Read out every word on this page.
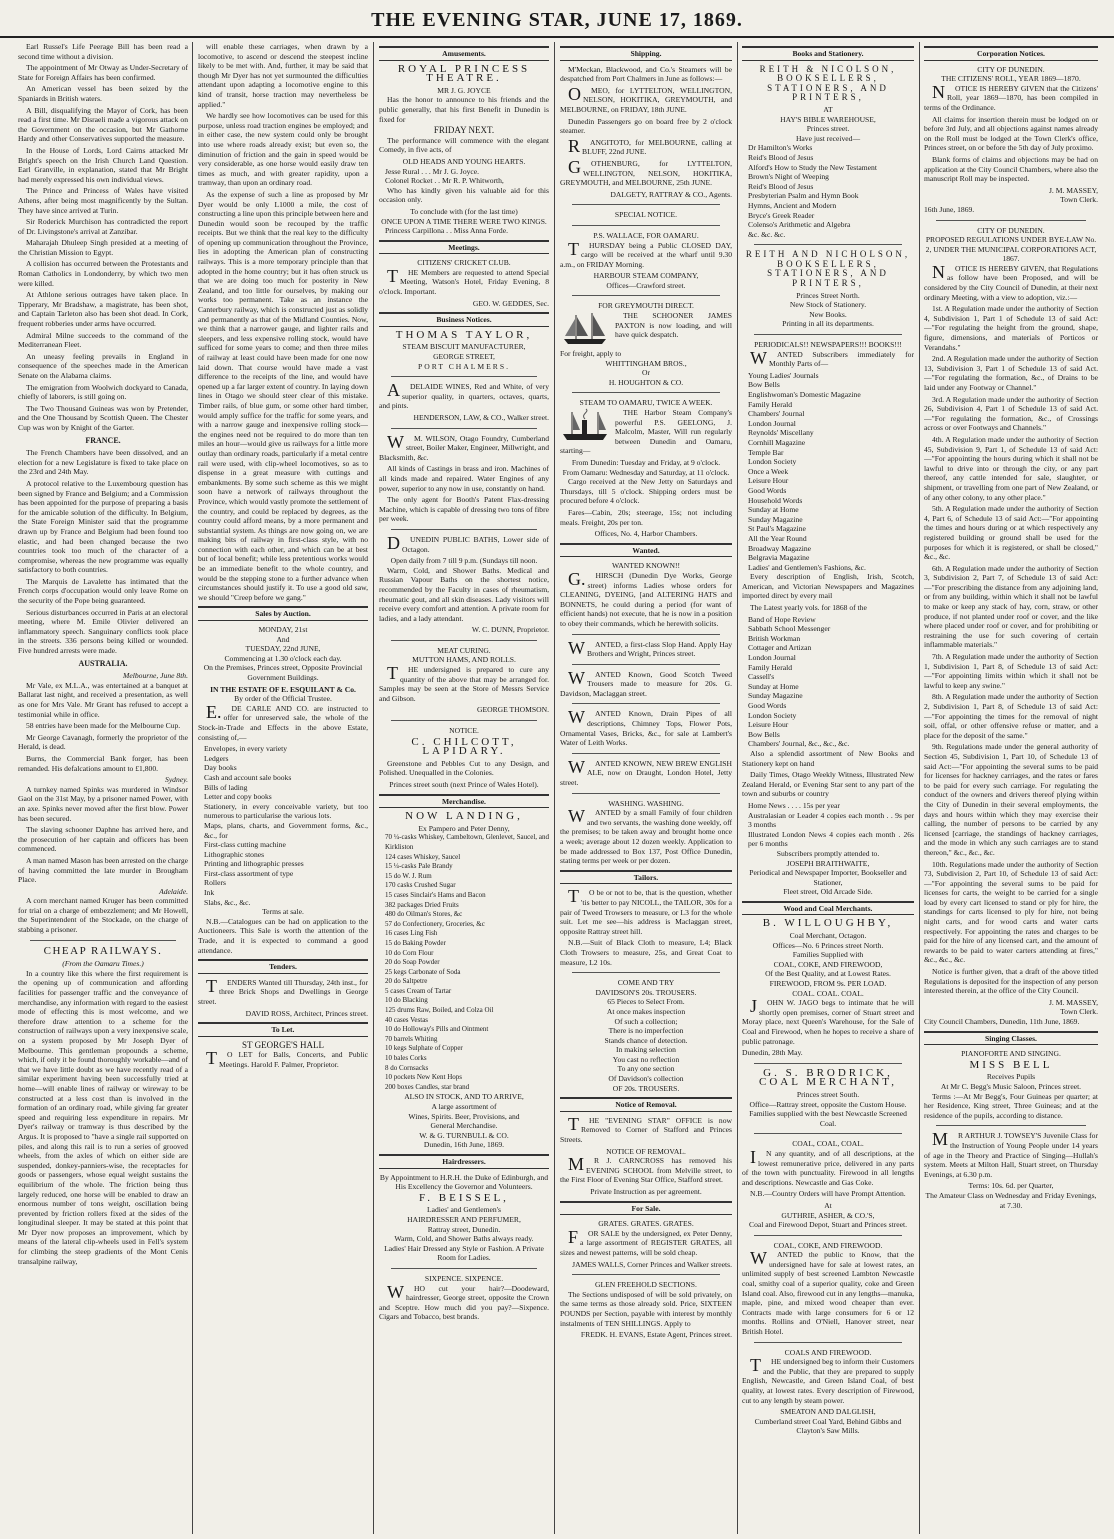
THE EVENING STAR, JUNE 17, 1869.

Earl Russel's Life Peerage Bill has been read a second time without a division.

The appointment of Mr Otway as Under-Secretary of State for Foreign Affairs has been confirmed.

An American vessel has been seized by the Spaniards in British waters.

A Bill, disqualifying the Mayor of Cork, has been read a first time. Mr Disraeli made a vigorous attack on the Government on the occasion, but Mr Gathorne Hardy and other Conservatives supported the measure.

In the House of Lords, Lord Cairns attacked Mr Bright's speech on the Irish Church Land Question. Earl Granville, in explanation, stated that Mr Bright had merely expressed his own individual views.

The Prince and Princess of Wales have visited Athens, after being most magnificently by the Sultan. They have since arrived at Turin.

Sir Roderick Murchison has contradicted the report of Dr. Livingstone's arrival at Zanzibar.

Maharajah Dhuleep Singh presided at a meeting of the Christian Mission to Egypt.

A collision has occurred between the Protestants and Roman Catholics in Londonderry, by which two men were killed.

At Athlone serious outrages have taken place. In Tipperary, Mr Bradshaw, a magistrate, has been shot, and Captain Tarleton also has been shot dead. In Cork, frequent robberies under arms have occurred.

Admiral Milne succeeds to the command of the Mediterranean Fleet.

An uneasy feeling prevails in England in consequence of the speeches made in the American Senate on the Alabama claims.

The emigration from Woolwich dockyard to Canada, chiefly of laborers, is still going on.

The Two Thousand Guineas was won by Pretender, and the One Thousand by Scottish Queen. The Chester Cup was won by Knight of the Garter.

FRANCE.

The French Chambers have been dissolved, and an election for a new Legislature is fixed to take place on the 23rd and 24th May.

A protocol relative to the Luxembourg question has been signed by France and Belgium; and a Commission has been appointed for the purpose of preparing a basis for the amicable solution of the difficulty. In Belgium, the State Foreign Minister said that the programme drawn up by France and Belgium had been found too elastic, and had been changed because the two countries took too much of the character of a compromise, whereas the new programme was equally satisfactory to both countries.

The Marquis de Lavalette has intimated that the French corps d'occupation would only leave Rome on the security of the Pope being guaranteed.

Serious disturbances occurred in Paris at an electoral meeting, where M. Emile Olivier delivered an inflammatory speech. Sanguinary conflicts took place in the streets. 336 persons being killed or wounded. Five hundred arrests were made.

AUSTRALIA.
Melbourne, June 8th.

Mr Vale, ex M.L.A., was entertained at a banquet at Ballarat last night, and received a presentation, as well as one for Mrs Vale. Mr Grant has refused to accept a testimonial while in office.

58 entries have been made for the Melbourne Cup.

Mr George Cavanagh, formerly the proprietor of the Herald, is dead.

Burns, the Commercial Bank forger, has been remanded. His defalcations amount to £1,800.

Sydney.

A turnkey named Spinks was murdered in Windsor Gaol on the 31st May, by a prisoner named Power, with an axe. Spinks never moved after the first blow. Power has been secured.

The slaving schooner Daphne has arrived here, and the prosecution of her captain and officers has been commenced.

A man named Mason has been arrested on the charge of having committed the late murder in Brougham Place.

Adelaide.

A corn merchant named Kruger has been committed for trial on a charge of embezzlement; and Mr Howell, the Superintendent of the Stockade, on the charge of stabbing a prisoner.

CHEAP RAILWAYS.
(From the Oamaru Times.)

In a country like this where the first requirement is the opening up of communication and affording facilities for passenger traffic and the conveyance of merchandise, any information with regard to the easiest mode of effecting this is most welcome, and we therefore draw attention to a scheme for the construction of railways upon a very inexpensive scale, on a system proposed by Mr Joseph Dyer of Melbourne. This gentleman propounds a scheme, which, if only it be found thoroughly workable—and of that we have little doubt as we have recently read of a similar experiment having been successfully tried at home—will enable lines of railway or wireway to be constructed at a less cost than is involved in the formation of an ordinary road, while giving far greater speed and requiring less expenditure in repairs. Mr Dyer's railway or tramway is thus described by the Argus. It is proposed to "have a single rail supported on piles, and along this rail is to run a series of grooved wheels, from the axles of which on either side are suspended, donkey-panniers-wise, the receptacles for goods or passengers, whose equal weight sustains the equilibrium of the whole. The friction being thus largely reduced, one horse will be enabled to draw an enormous number of tons weight, oscillation being prevented by friction rollers fixed at the sides of the longitudinal sleeper. It may be stated at this point that Mr Dyer now proposes an improvement, which by means of the lateral clip-wheels used in Fell's system for climbing the steep gradients of the Mont Cenis transalpine railway,

will enable these carriages, when drawn by a locomotive, to ascend or descend the steepest incline likely to be met with. And, further, it may be said that though Mr Dyer has not yet surmounted the difficulties attendant upon adapting a locomotive engine to this kind of transit, horse traction may nevertheless be applied."

We hardly see how locomotives can be used for this purpose, unless road traction engines be employed; and in either case, the new system could only be brought into use where roads already exist; but even so, the diminution of friction and the gain in speed would be very considerable, as one horse would easily draw ten times as much, and with greater rapidity, upon a tramway, than upon an ordinary road.

As the expense of such a line as proposed by Mr Dyer would be only L1000 a mile, the cost of constructing a line upon this principle between here and Dunedin would soon be recouped by the traffic receipts. But we think that the real key to the difficulty of opening up communication throughout the Province, lies in adopting the American plan of constructing railways. This is a more temporary principle than that adopted in the home country; but it has often struck us that we are doing too much for posterity in New Zealand, and too little for ourselves, by making our works too permanent. Take as an instance the Canterbury railway, which is constructed just as solidly and permanently as that of the Midland Counties. Now, we think that a narrower gauge, and lighter rails and sleepers, and less expensive rolling stock, would have sufficed for some years to come; and then three miles of railway at least could have been made for one now laid down. That course would have made a vast difference to the receipts of the line, and would have opened up a far larger extent of country. In laying down lines in Otago we should steer clear of this mistake. Timber rails, of blue gum, or some other hard timber, would amply suffice for the traffic for some years, and with a narrow gauge and inexpensive rolling stock—the engines need not be required to do more than ten miles an hour—would give us railways for a little more outlay than ordinary roads, particularly if a metal centre rail were used, with clip-wheel locomotives, so as to dispense in a great measure with cuttings and embankments. By some such scheme as this we might soon have a network of railways throughout the Province, which would vastly promote the settlement of the country, and could be replaced by degrees, as the country could afford means, by a more permanent and substantial system. As things are now going on, we are making bits of railway in first-class style, with no connection with each other, and which can be at best but of local benefit; while less pretentious works would be an immediate benefit to the whole country, and would be the stepping stone to a further advance when circumstances should justify it. To use a good old saw, we should "Creep before we gang."

Sales by Auction.
MONDAY, 21st
And
TUESDAY, 22nd JUNE,
Commencing at 1.30 o'clock each day.

On the Premises, Princes street, Opposite Provincial Government Buildings.

IN THE ESTATE OF E. ESQUILANT & Co.
By order of the Official Trustee.

E.DE CARLE AND CO. are instructed to offer for unreserved sale, the whole of the Stock-in-Trade and Effects in the above Estate, consisting of,—

Envelopes, in every variety
Ledgers
Day books
Cash and account sale books
Bills of lading
Letter and copy books
Stationery, in every conceivable variety, but too numerous to particularise the various lots.
Maps, plans, charts, and Government forms, &c., &c., for
First-class cutting machine
Lithographic stones
Printing and lithographic presses
First-class assortment of type
Rollers
Ink
Slabs, &c., &c.
Terms at sale.

N.B.—Catalogues can be had on application to the Auctioneers. This Sale is worth the attention of the Trade, and it is expected to command a good attendance.

Tenders.

TENDERS Wanted till Thursday, 24th inst., for three Brick Shops and Dwellings in George street.

DAVID ROSS, Architect, Princes street.
To Let.
ST GEORGE'S HALL

TO LET for Balls, Concerts, and Public Meetings. Harold F. Palmer, Proprietor.

Amusements.
ROYAL PRINCESS THEATRE.
MR J. G. JOYCE

Has the honor to announce to his friends and the public generally, that his first Benefit in Dunedin is fixed for

FRIDAY NEXT.

The performance will commence with the elegant Comedy, in five acts, of

OLD HEADS AND YOUNG HEARTS.
Jesse Rural . . . Mr J. G. Joyce.
Colonel Rocket . . Mr R. P. Whitworth,

Who has kindly given his valuable aid for this occasion only.

To conclude with (for the last time)
ONCE UPON A TIME THERE WERE TWO KINGS.
Princess Carpillona . . Miss Anna Forde.
Meetings.
CITIZENS' CRICKET CLUB.

THE Members are requested to attend Special Meeting, Watson's Hotel, Friday Evening, 8 o'clock. Important.

GEO. W. GEDDES, Sec.
Business Notices.
THOMAS TAYLOR,
STEAM BISCUIT MANUFACTURER,
GEORGE STREET,
PORT CHALMERS.

ADELAIDE WINES, Red and White, of very superior quality, in quarters, octaves, quarts, and pints.

HENDERSON, LAW, & CO., Walker street.

WM. WILSON, Otago Foundry, Cumberland street, Boiler Maker, Engineer, Millwright, and Blacksmith, &c.

All kinds of Castings in brass and iron. Machines of all kinds made and repaired. Water Engines of any power, superior to any now in use, constantly on hand.

The only agent for Booth's Patent Flax-dressing Machine, which is capable of dressing two tons of fibre per week.

DUNEDIN PUBLIC BATHS, Lower side of Octagon.

Open daily from 7 till 9 p.m. (Sundays till noon.

Warm, Cold, and Shower Baths. Medical and Russian Vapour Baths on the shortest notice, recommended by the Faculty in cases of rheumatism, rheumatic gout, and all skin diseases. Lady visitors will receive every comfort and attention. A private room for ladies, and a lady attendant.

W. C. DUNN, Proprietor.
MEAT CURING.
MUTTON HAMS, AND ROLLS.

THE undersigned is prepared to cure any quantity of the above that may be arranged for. Samples may be seen at the Store of Messrs Service and Gibson.

GEORGE THOMSON.
NOTICE.
C. CHILCOTT, LAPIDARY.

Greenstone and Pebbles Cut to any Design, and Polished. Unequalled in the Colonies.

Princes street south (next Prince of Wales Hotel).
Merchandise.
NOW LANDING,
Ex Pampero and Peter Denny,
70 ¼-casks Whiskey, Cambeltown, Glenlevet, Saucel, and Kirkliston
124 cases Whiskey, Saucel
15 ¼-casks Pale Brandy
15 do W. J. Rum
170 casks Crushed Sugar
15 cases Sinclair's Hams and Bacon
382 packages Dried Fruits
480 do Oilman's Stores, &c
57 do Confectionery, Groceries, &c
16 cases Ling Fish
15 do Baking Powder
10 do Corn Flour
20 do Soap Powder
25 kegs Carbonate of Soda
20 do Saltpetre
5 cases Cream of Tartar
10 do Blacking
125 drums Raw, Boiled, and Colza Oil
40 cases Vestas
10 do Holloway's Pills and Ointment
70 barrels Whiting
10 kegs Sulphate of Copper
10 bales Corks
8 do Cornsacks
10 pockets New Kent Hops
200 boxes Candles, star brand
ALSO IN STOCK, AND TO ARRIVE,
A large assortment of
Wines, Spirits. Beer, Provisions, and
General Merchandise.
W. & G. TURNBULL & CO.
Dunedin, 16th June, 1869.
Hairdressers.

By Appointment to H.R.H. the Duke of Edinburgh, and His Excellency the Governor and Volunteers.

F. BEISSEL,
Ladies' and Gentlemen's
HAIRDRESSER AND PERFUMER,
Rattray street, Dunedin.
Warm, Cold, and Shower Baths always ready.

Ladies' Hair Dressed any Style or Fashion. A Private Room for Ladies.

SIXPENCE. SIXPENCE.

WHO cut your hair?—Doodeward, hairdresser, George street, opposite the Crown and Sceptre. How much did you pay?—Sixpence. Cigars and Tobacco, best brands.

Shipping.

M'Meckan, Blackwood, and Co.'s Steamers will be despatched from Port Chalmers in June as follows:—

OMEO, for LYTTELTON, WELLINGTON, NELSON, HOKITIKA, GREYMOUTH, and MELBOURNE, on FRIDAY, 18th JUNE.

Dunedin Passengers go on board free by 2 o'clock steamer.

RANGITOTO, for MELBOURNE, calling at BLUFF, 22nd JUNE.

GOTHENBURG, for LYTTELTON, WELLINGTON, NELSON, HOKITIKA, GREYMOUTH, and MELBOURNE, 25th JUNE.

DALGETY, RATTRAY & CO., Agents.
SPECIAL NOTICE.
P.S. WALLACE, FOR OAMARU.

THURSDAY being a Public CLOSED DAY, cargo will be received at the wharf until 9.30 a.m., on FRIDAY Morning.

HARBOUR STEAM COMPANY,
Offices—Crawford street.
FOR GREYMOUTH DIRECT.

THE SCHOONER JAMES PAXTON is now loading, and will have quick despatch.

For freight, apply to
WHITTINGHAM BROS.,
Or
H. HOUGHTON & CO.
STEAM TO OAMARU, TWICE A WEEK.

THE Harbor Steam Company's powerful P.S. GEELONG, J. Malcolm, Master, Will run regularly between Dunedin and Oamaru, starting—

From Dunedin: Tuesday and Friday, at 9 o'clock.
From Oamaru: Wednesday and Saturday, at 11 o'clock.

Cargo received at the New Jetty on Saturdays and Thursdays, till 5 o'clock. Shipping orders must be procured before 4 o'clock.

Fares—Cabin, 20s; steerage, 15s; not including meals. Freight, 20s per ton.

Offices, No. 4, Harbor Chambers.
Wanted.
WANTED KNOWN!!

G.HIRSCH (Dunedin Dye Works, George street) informs Ladies whose orders for CLEANING, DYEING, [and ALTERING HATS and BONNETS, he could during a period (for want of efficient hands) not execute, that he is now in a position to obey their commands, which he herewith solicits.

WANTED, a first-class Slop Hand. Apply Hay Brothers and Wright, Princes street.

WANTED Known, Good Scotch Tweed Trousers made to measure for 20s. G. Davidson, Maclaggan street.

WANTED Known, Drain Pipes of all descriptions, Chimney Tops, Flower Pots, Ornamental Vases, Bricks, &c., for sale at Lambert's Water of Leith Works.

WANTED KNOWN, NEW BREW ENGLISH ALE, now on Draught, London Hotel, Jetty street.

WASHING. WASHING.

WANTED by a small Family of four children and two servants, the washing done weekly, off the premises; to be taken away and brought home once a week; average about 12 dozen weekly. Application to be made addressed to Box 137, Post Office Dunedin, stating terms per week or per dozen.

Tailors.

TO be or not to be, that is the question, whether 'tis better to pay NICOLL, the TAILOR, 30s for a pair of Tweed Trowsers to measure, or L3 for the whole suit. Let me see—his address is Maclaggan street, opposite Rattray street hill.

N.B.—Suit of Black Cloth to measure, L4; Black Cloth Trowsers to measure, 25s, and Great Coat to measure, L2 10s.

COME AND TRY
DAVIDSON'S 20s. TROUSERS.
65 Pieces to Select From.
At once makes inspection
Of such a collection;
There is no imperfection
Stands chance of detection.
In making selection
You cast no reflection
To any one section
Of Davidson's collection
OF 20s. TROUSERS.
Notice of Removal.

THE "EVENING STAR" OFFICE is now Removed to Corner of Stafford and Princes Streets.

NOTICE OF REMOVAL.

MR J. CARNCROSS has removed his EVENING SCHOOL from Melville street, to the First Floor of Evening Star Office, Stafford street.

Private Instruction as per agreement.
For Sale.
GRATES. GRATES. GRATES.

FOR SALE by the undersigned, ex Peter Denny, a large assortment of REGISTER GRATES, all sizes and newest patterns, will be sold cheap.

JAMES WALLS, Corner Princes and Walker streets.
GLEN FREEHOLD SECTIONS.

The Sections undisposed of will be sold privately, on the same terms as those already sold. Price, SIXTEEN POUNDS per Section, payable with interest by monthly instalments of TEN SHILLINGS. Apply to

FREDK. H. EVANS, Estate Agent, Princes street.
Books and Stationery.
REITH & NICOLSON, BOOKSELLERS, STATIONERS, AND PRINTERS,
AT
HAY'S BIBLE WAREHOUSE,
Princes street.
Have just received—
Dr Hamilton's Works
Reid's Blood of Jesus
Alford's How to Study the New Testament
Brown's Night of Weeping
Reid's Blood of Jesus
Presbyterian Psalm and Hymn Book
Hymns, Ancient and Modern
Bryce's Greek Reader
Colenso's Arithmetic and Algebra
&c. &c. &c.
REITH AND NICHOLSON, BOOKSELLERS, STATIONERS, AND PRINTERS,
Princes Street North.
New Stock of Stationery.
New Books.
Printing in all its departments.
PERIODICALS!! NEWSPAPERS!!! BOOKS!!!

WANTED Subscribers immediately for Monthly Parts of—

Young Ladies' Journals
Bow Bells
Englishwoman's Domestic Magazine
Family Herald
Chambers' Journal
London Journal
Reynolds' Miscellany
Cornhill Magazine
Temple Bar
London Society
Once a Week
Leisure Hour
Good Words
Household Words
Sunday at Home
Sunday Magazine
St Paul's Magazine
All the Year Round
Broadway Magazine
Belgravia Magazine
Ladies' and Gentlemen's Fashions, &c.

Every description of English, Irish, Scotch, American, and Victorian Newspapers and Magazines imported direct by every mail

The Latest yearly vols. for 1868 of the

Band of Hope Review
Sabbath School Messenger
British Workman
Cottager and Artizan
London Journal
Family Herald
Cassell's
Sunday at Home
Sunday Magazine
Good Words
London Society
Leisure Hour
Bow Bells
Chambers' Journal, &c., &c., &c.

Also a splendid assortment of New Books and Stationery kept on hand

Daily Times, Otago Weekly Witness, Illustrated New Zealand Herald, or Evening Star sent to any part of the town and suburbs or country

Home News . . . . 15s per year
Australasian or Leader 4 copies each month . . 9s per 3 months
Illustrated London News 4 copies each month . 26s per 6 months
Subscribers promptly attended to.
JOSEPH BRAITHWAITE,
Periodical and Newspaper Importer, Bookseller and Stationer,
Fleet street, Old Arcade Side.
Wood and Coal Merchants.
B. WILLOUGHBY,
Coal Merchant, Octagon.
Offices—No. 6 Princes street North.
Families Supplied with
COAL, COKE, AND FIREWOOD,
Of the Best Quality, and at Lowest Rates.
FIREWOOD, FROM 9s. PER LOAD.
COAL. COAL. COAL.

JOHN W. JAGO begs to intimate that he will shortly open premises, corner of Stuart street and Moray place, next Queen's Warehouse, for the Sale of Coal and Firewood, when he hopes to receive a share of public patronage.

Dunedin, 28th May.
G. S. BRODRICK, COAL MERCHANT,
Princes street South.
Office—Rattray street, opposite the Custom House.
Families supplied with the best Newcastle Screened Coal.
COAL, COAL, COAL.

IN any quantity, and of all descriptions, at the lowest remunerative price, delivered in any parts of the town with punctuality. Firewood in all lengths and descriptions. Newcastle and Gas Coke.

N.B.—Country Orders will have Prompt Attention.

At
GUTHRIE, ASHER, & CO.'S,
Coal and Firewood Depot, Stuart and Princes street.
COAL, COKE, AND FIREWOOD.

WANTED the public to Know, that the undersigned have for sale at lowest rates, an unlimited supply of best screened Lambton Newcastle coal, smithy coal of a superior quality, coke and Green Island coal. Also, firewood cut in any lengths—manuka, maple, pine, and mixed wood cheaper than ever. Contracts made with large consumers for 6 or 12 months. Rollins and O'Niell, Hanover street, near British Hotel.

COALS AND FIREWOOD.

THE undersigned beg to inform their Customers and the Public, that they are prepared to supply English, Newcastle, and Green Island Coal, of best quality, at lowest rates. Every description of Firewood, cut to any length by steam power.

SMEATON AND DALGLISH,
Cumberland street Coal Yard, Behind Gibbs and Clayton's Saw Mills.
Corporation Notices.
CITY OF DUNEDIN.
THE CITIZENS' ROLL, YEAR 1869—1870.

NOTICE IS HEREBY GIVEN that the Citizens' Roll, year 1869—1870, has been compiled in terms of the Ordinance.

All claims for insertion therein must be lodged on or before 3rd July, and all objections against names already on the Roll must be lodged at the Town Clerk's office, Princes street, on or before the 5th day of July proximo.

Blank forms of claims and objections may be had on application at the City Council Chambers, where also the manuscript Roll may be inspected.

J. M. MASSEY,
Town Clerk.
16th June, 1869.
CITY OF DUNEDIN.
PROPOSED REGULATIONS UNDER BYE-LAW No. 2, UNDER THE MUNICIPAL CORPORATIONS ACT, 1867.

NOTICE IS HEREBY GIVEN, that Regulations as follow have been Proposed, and will be considered by the City Council of Dunedin, at their next ordinary Meeting, with a view to adoption, viz.:—

1st. A Regulation made under the authority of Section 4, Subdivision 1, Part 1 of Schedule 13 of said Act:—"For regulating the height from the ground, shape, figure, dimensions, and materials of Porticos or Verandahs."

2nd. A Regulation made under the authority of Section 13, Subdivision 3, Part 1 of Schedule 13 of said Act.—"For regulating the formation, &c., of Drains to be laid under any Footway or Channel."

3rd. A Regulation made under the authority of Section 26, Subdivision 4, Part 1 of Schedule 13 of said Act.—"For regulating the formation, &c., of Crossings across or over Footways and Channels."

4th. A Regulation made under the authority of Section 45, Subdivision 9, Part 1, of Schedule 13 of said Act:—"For appointing the hours during which it shall not be lawful to drive into or through the city, or any part thereof, any cattle intended for sale, slaughter, or shipment, or travelling from one part of New Zealand, or of any other colony, to any other place."

5th. A Regulation made under the authority of Section 4, Part 6, of Schedule 13 of said Act:—"For appointing the times and hours during or at which respectively any registered building or ground shall be used for the purposes for which it is registered, or shall be closed," &c., &c.

6th. A Regulation made under the authority of Section 3, Subdivision 2, Part 7, of Schedule 13 of said Act:—"For prescribing the distance from any adjoining land, or from any building, within which it shall not be lawful to make or keep any stack of hay, corn, straw, or other produce, if not planted under roof or cover, and the like where placed under roof or cover, and for prohibiting or restraining the use for such covering of certain inflammable materials."

7th. A Regulation made under the authority of Section 1, Subdivision 1, Part 8, of Schedule 13 of said Act:—"For appointing limits within which it shall not be lawful to keep any swine."

8th. A Regulation made under the authority of Section 2, Subdivision 1, Part 8, of Schedule 13 of said Act:—"For appointing the times for the removal of night soil, offal, or other offensive refuse or matter, and a place for the deposit of the same."

9th. Regulations made under the general authority of Section 45, Subdivision 1, Part 10, of Schedule 13 of said Act:—"For appointing the several sums to be paid for licenses for hackney carriages, and the rates or fares to be paid for every such carriage. For regulating the conduct of the owners and drivers thereof plying within the City of Dunedin in their several employments, the days and hours within which they may exercise their calling, the number of persons to be carried by any licensed [carriage, the standings of hackney carriages, and the mode in which any such carriages are to stand thereon," &c., &c., &c.

10th. Regulations made under the authority of Section 73, Subdivision 2, Part 10, of Schedule 13 of said Act:—"For appointing the several sums to be paid for licenses for carts, the weight to be carried for a single load by every cart licensed to stand or ply for hire, the standings for carts licensed to ply for hire, not being night carts, and for wood carts and water carts respectively. For appointing the rates and charges to be paid for the hire of any licensed cart, and the amount of rewards to be paid to water carters attending at fires," &c., &c., &c.

Notice is further given, that a draft of the above titled Regulations is deposited for the inspection of any person interested therein, at the office of the City Council.

J. M. MASSEY,
Town Clerk.
City Council Chambers, Dunedin, 11th June, 1869.
Singing Classes.
PIANOFORTE AND SINGING.
MISS BELL
Receives Pupils
At Mr C. Begg's Music Saloon, Princes street.

Terms :—At Mr Begg's, Four Guineas per quarter; at her Residence, King street, Three Guineas; and at the residence of the pupils, according to distance.

MR ARTHUR J. TOWSEY'S Juvenile Class for the Instruction of Young People under 14 years of age in the Theory and Practice of Singing—Hullah's system. Meets at Milton Hall, Stuart street, on Thursday Evenings, at 6.30 p.m.

Terms: 10s. 6d. per Quarter,
The Amateur Class on Wednesday and Friday Evenings, at 7.30.
